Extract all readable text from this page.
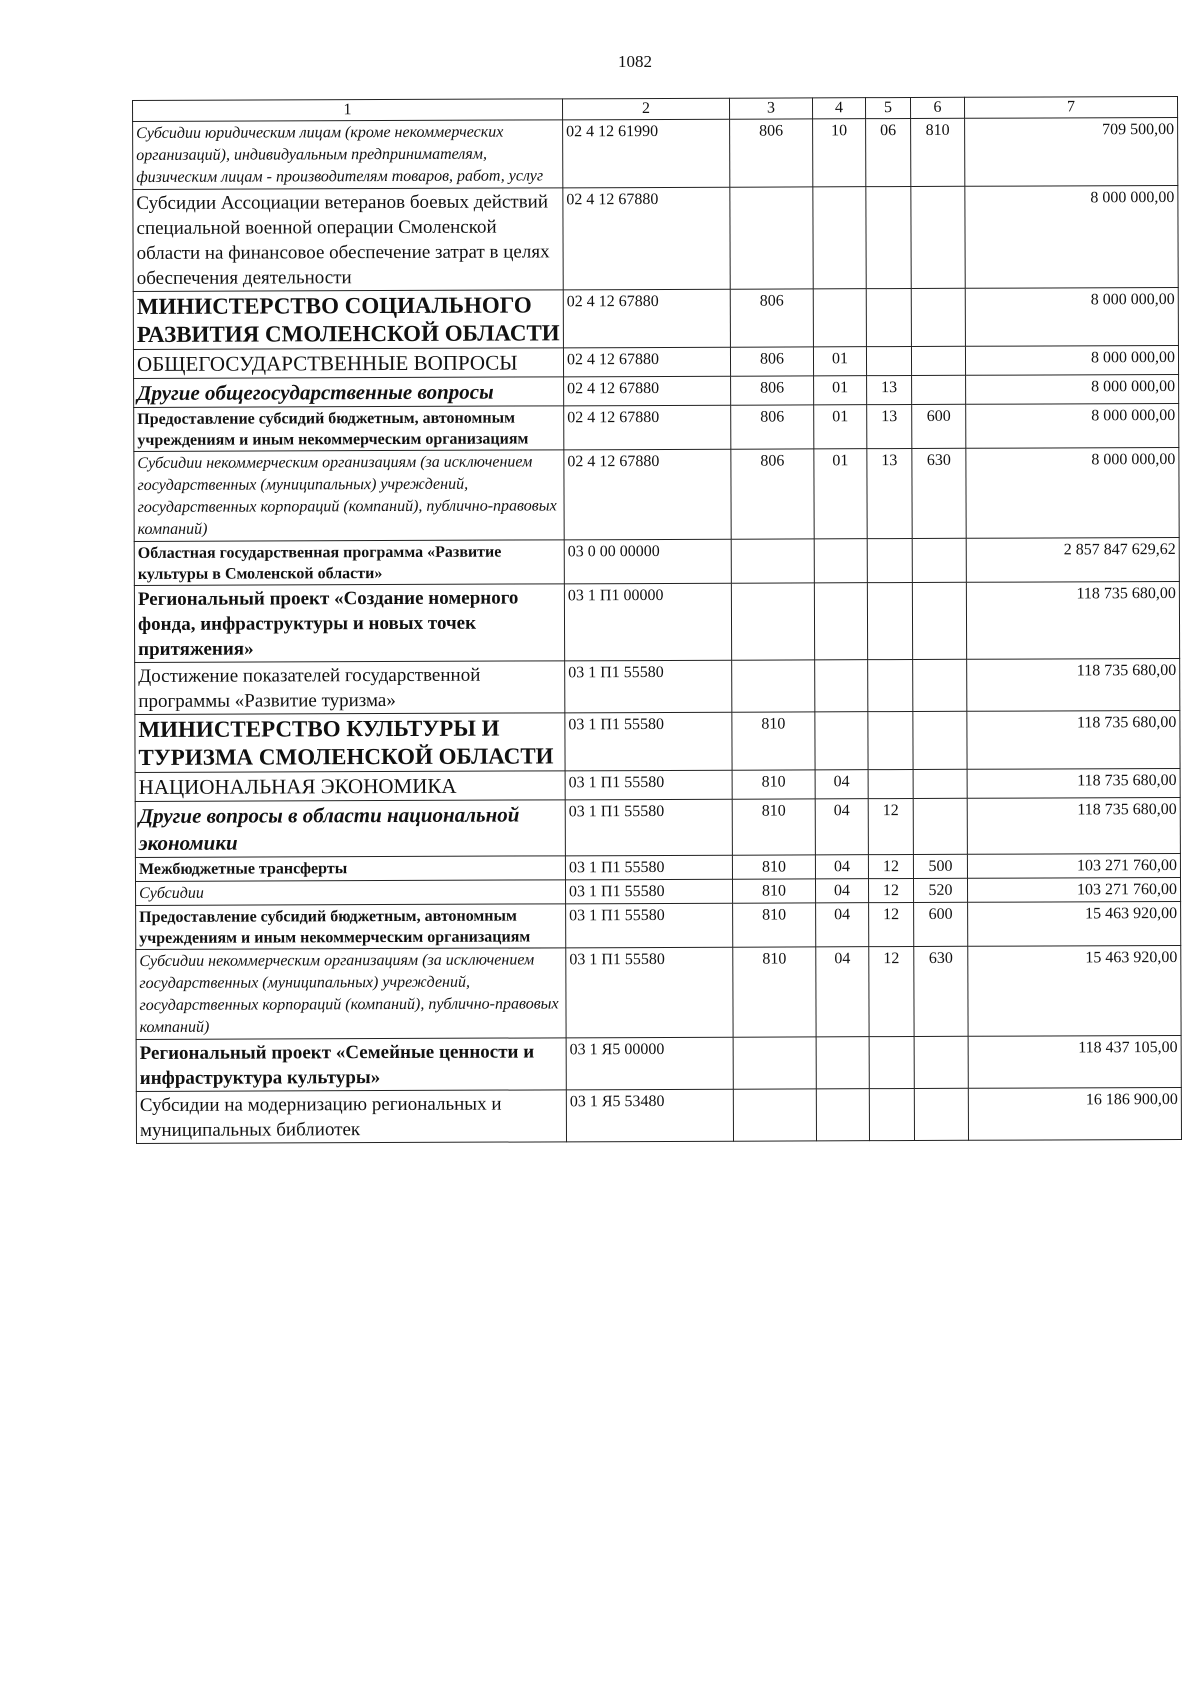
1082
1	2	3	4	5	6	7
Субсидии юридическим лицам (кроме некоммерческих организаций), индивидуальным предпринимателям, физическим лицам - производителям товаров, работ, услуг	02 4 12 61990	806	10	06	810	709 500,00
Субсидии Ассоциации ветеранов боевых действий специальной военной операции Смоленской области на финансовое обеспечение затрат в целях обеспечения деятельности	02 4 12 67880					8 000 000,00
МИНИСТЕРСТВО СОЦИАЛЬНОГО РАЗВИТИЯ СМОЛЕНСКОЙ ОБЛАСТИ	02 4 12 67880	806				8 000 000,00
ОБЩЕГОСУДАРСТВЕННЫЕ ВОПРОСЫ	02 4 12 67880	806	01			8 000 000,00
Другие общегосударственные вопросы	02 4 12 67880	806	01	13		8 000 000,00
Предоставление субсидий бюджетным, автономным учреждениям и иным некоммерческим организациям	02 4 12 67880	806	01	13	600	8 000 000,00
Субсидии некоммерческим организациям (за исключением государственных (муниципальных) учреждений, государственных корпораций (компаний), публично-правовых компаний)	02 4 12 67880	806	01	13	630	8 000 000,00
Областная государственная программа «Развитие культуры в Смоленской области»	03 0 00 00000					2 857 847 629,62
Региональный проект «Создание номерного фонда, инфраструктуры и новых точек притяжения»	03 1 П1 00000					118 735 680,00
Достижение показателей государственной программы «Развитие туризма»	03 1 П1 55580					118 735 680,00
МИНИСТЕРСТВО КУЛЬТУРЫ И ТУРИЗМА СМОЛЕНСКОЙ ОБЛАСТИ	03 1 П1 55580	810				118 735 680,00
НАЦИОНАЛЬНАЯ ЭКОНОМИКА	03 1 П1 55580	810	04			118 735 680,00
Другие вопросы в области национальной экономики	03 1 П1 55580	810	04	12		118 735 680,00
Межбюджетные трансферты	03 1 П1 55580	810	04	12	500	103 271 760,00
Субсидии	03 1 П1 55580	810	04	12	520	103 271 760,00
Предоставление субсидий бюджетным, автономным учреждениям и иным некоммерческим организациям	03 1 П1 55580	810	04	12	600	15 463 920,00
Субсидии некоммерческим организациям (за исключением государственных (муниципальных) учреждений, государственных корпораций (компаний), публично-правовых компаний)	03 1 П1 55580	810	04	12	630	15 463 920,00
Региональный проект «Семейные ценности и инфраструктура культуры»	03 1 Я5 00000					118 437 105,00
Субсидии на модернизацию региональных и муниципальных библиотек	03 1 Я5 53480					16 186 900,00
